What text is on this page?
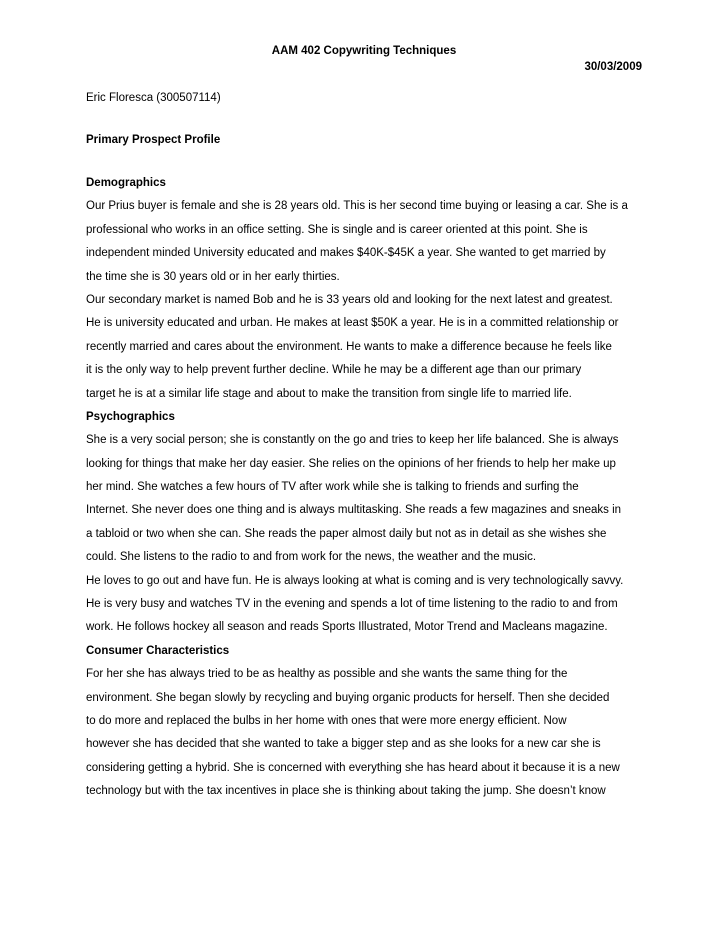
AAM 402 Copywriting Techniques
30/03/2009
Eric Floresca (300507114)
Primary Prospect Profile
Demographics
Our Prius buyer is female and she is 28 years old. This is her second time buying or leasing a car. She is a
professional who works in an office setting. She is single and is career oriented at this point. She is
independent minded University educated and makes $40K-$45K a year. She wanted to get married by
the time she is 30 years old or in her early thirties.
Our secondary market is named Bob and he is 33 years old and looking for the next latest and greatest.
He is university educated and urban. He makes at least $50K a year. He is in a committed relationship or
recently married and cares about the environment. He wants to make a difference because he feels like
it is the only way to help prevent further decline. While he may be a different age than our primary
target he is at a similar life stage and about to make the transition from single life to married life.
Psychographics
She is a very social person; she is constantly on the go and tries to keep her life balanced. She is always
looking for things that make her day easier. She relies on the opinions of her friends to help her make up
her mind. She watches a few hours of TV after work while she is talking to friends and surfing the
Internet. She never does one thing and is always multitasking. She reads a few magazines and sneaks in
a tabloid or two when she can. She reads the paper almost daily but not as in detail as she wishes she
could. She listens to the radio to and from work for the news, the weather and the music.
He loves to go out and have fun. He is always looking at what is coming and is very technologically savvy.
He is very busy and watches TV in the evening and spends a lot of time listening to the radio to and from
work. He follows hockey all season and reads Sports Illustrated, Motor Trend and Macleans magazine.
Consumer Characteristics
For her she has always tried to be as healthy as possible and she wants the same thing for the
environment. She began slowly by recycling and buying organic products for herself. Then she decided
to do more and replaced the bulbs in her home with ones that were more energy efficient. Now
however she has decided that she wanted to take a bigger step and as she looks for a new car she is
considering getting a hybrid. She is concerned with everything she has heard about it because it is a new
technology but with the tax incentives in place she is thinking about taking the jump. She doesn’t know
